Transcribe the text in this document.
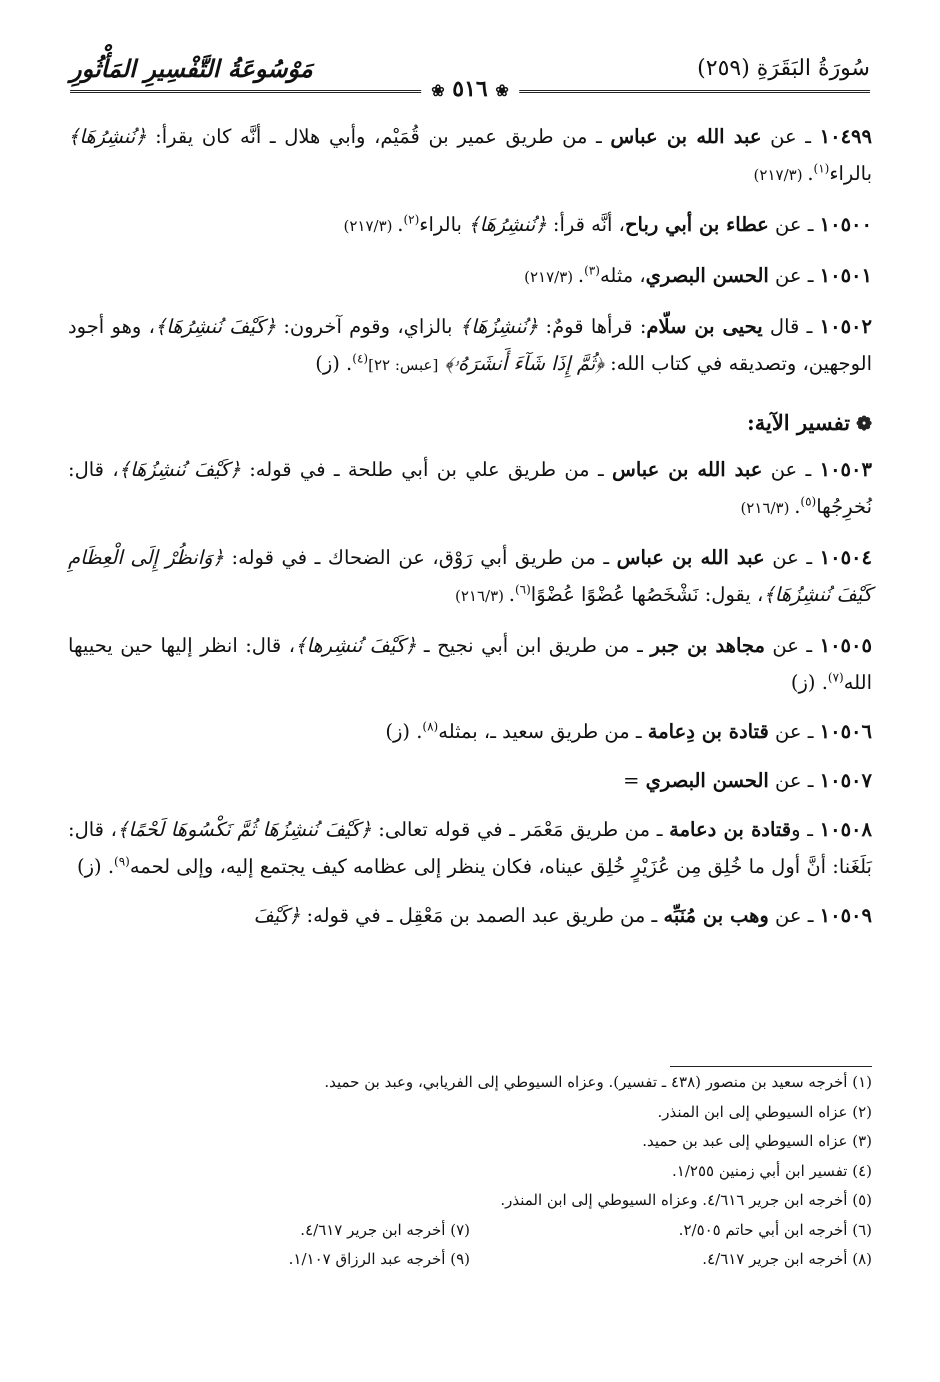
سُورَةُ البَقَرَةِ (٢٥٩)
مَوْسُوعَةُ التَّفْسِيرِ المَأْثُورِ
❀ ٥١٦ ❀

١٠٤٩٩ ـ عن عبد الله بن عباس ـ من طريق عمير بن قُمَيْم، وأبي هلال ـ أنَّه كان يقرأ: ﴿نُنشِرُهَا﴾ بالراء$^{(١)}$. (٢١٧/٣)

١٠٥٠٠ ـ عن عطاء بن أبي رباح، أنَّه قرأ: ﴿نُنشِرُهَا﴾ بالراء$^{(٢)}$. (٢١٧/٣)

١٠٥٠١ ـ عن الحسن البصري، مثله$^{(٣)}$. (٢١٧/٣)

١٠٥٠٢ ـ قال يحيى بن سلّام: قرأها قومٌ: ﴿نُنشِزُهَا﴾ بالزاي، وقوم آخرون: ﴿كَيْفَ نُنشِرُهَا﴾، وهو أجود الوجهين، وتصديقه في كتاب الله: ﴿ثُمَّ إِذَا شَآءَ أَنشَرَهُۥ﴾ [عبس: ٢٢]$^{(٤)}$. (ز)

❁تفسير الآية:

١٠٥٠٣ ـ عن عبد الله بن عباس ـ من طريق علي بن أبي طلحة ـ في قوله: ﴿كَيْفَ نُنشِزُهَا﴾، قال: نُخرِجُها$^{(٥)}$. (٢١٦/٣)

١٠٥٠٤ ـ عن عبد الله بن عباس ـ من طريق أبي رَوْق، عن الضحاك ـ في قوله: ﴿وَانظُرْ إِلَى الْعِظَامِ كَيْفَ نُنشِزُهَا﴾، يقول: نَشْخَصُها عُضْوًا عُضْوًا$^{(٦)}$. (٢١٦/٣)

١٠٥٠٥ ـ عن مجاهد بن جبر ـ من طريق ابن أبي نجيح ـ ﴿كَيْفَ نُنشِرها﴾، قال: انظر إليها حين يحييها الله$^{(٧)}$. (ز)

١٠٥٠٦ ـ عن قتادة بن دِعامة ـ من طريق سعيد ـ، بمثله$^{(٨)}$. (ز)

١٠٥٠٧ ـ عن الحسن البصري =

١٠٥٠٨ ـ وقتادة بن دعامة ـ من طريق مَعْمَر ـ في قوله تعالى: ﴿كَيْفَ نُنشِزُهَا ثُمَّ نَكْسُوهَا لَحْمًا﴾، قال: بَلَغَنا: أنَّ أول ما خُلِق مِن عُزَيْرٍ خُلِق عيناه، فكان ينظر إلى عظامه كيف يجتمع إليه، وإلى لحمه$^{(٩)}$. (ز)

١٠٥٠٩ ـ عن وهب بن مُنَبِّه ـ من طريق عبد الصمد بن مَعْقِل ـ في قوله: ﴿كَيْفَ

(١) أخرجه سعيد بن منصور (٤٣٨ ـ تفسير). وعزاه السيوطي إلى الفريابي، وعبد بن حميد.

(٢) عزاه السيوطي إلى ابن المنذر.

(٣) عزاه السيوطي إلى عبد بن حميد.

(٤) تفسير ابن أبي زمنين ١/٢٥٥.

(٥) أخرجه ابن جرير ٤/٦١٦. وعزاه السيوطي إلى ابن المنذر.

(٦) أخرجه ابن أبي حاتم ٢/٥٠٥.

(٧) أخرجه ابن جرير ٤/٦١٧.

(٨) أخرجه ابن جرير ٤/٦١٧.

(٩) أخرجه عبد الرزاق ١/١٠٧.
